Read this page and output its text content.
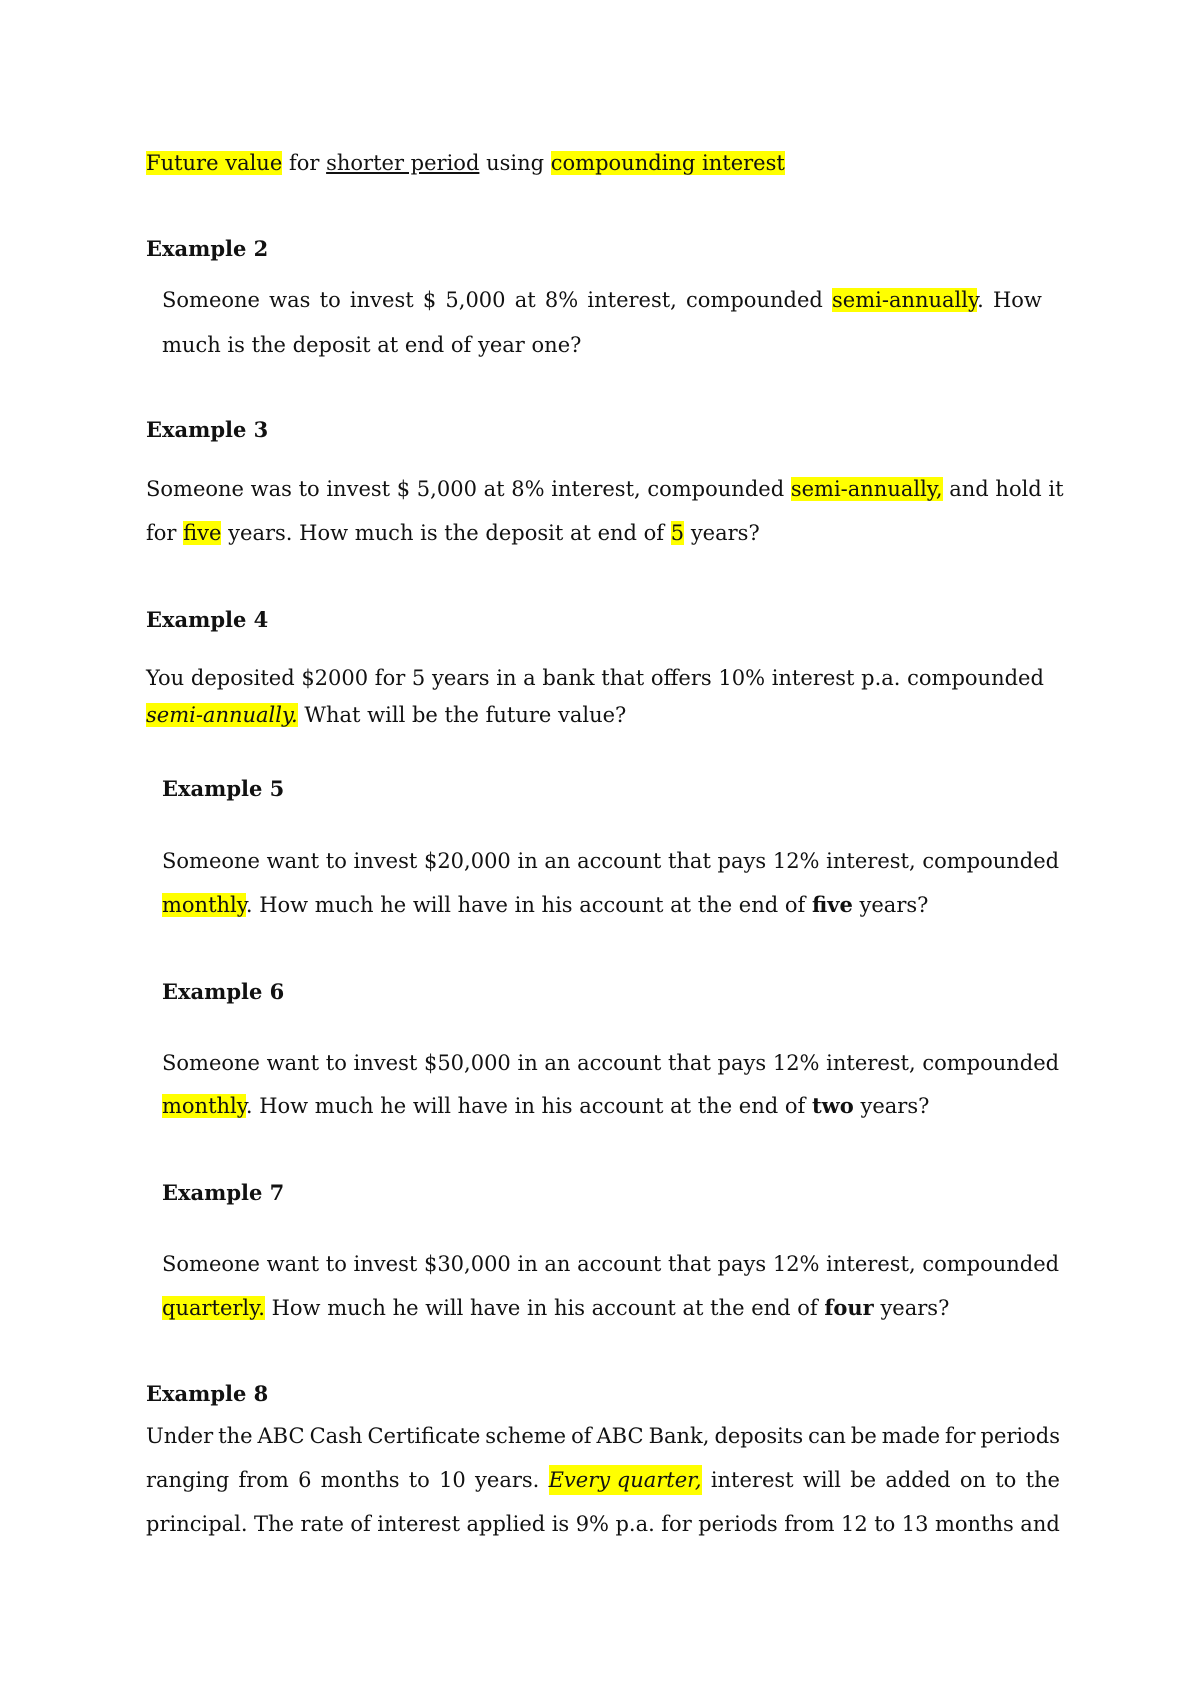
Future value for shorter period using compounding interest
Example 2
Someone was to invest $ 5,000 at 8% interest, compounded semi-annually. How
much is the deposit at end of year one?
Example 3
Someone was to invest $ 5,000 at 8% interest, compounded semi-annually, and hold it
for five years. How much is the deposit at end of 5 years?
Example 4
You deposited $2000 for 5 years in a bank that offers 10% interest p.a. compounded
semi-annually. What will be the future value?
Example 5
Someone want to invest $20,000 in an account that pays 12% interest, compounded
monthly. How much he will have in his account at the end of five years?
Example 6
Someone want to invest $50,000 in an account that pays 12% interest, compounded
monthly. How much he will have in his account at the end of two years?
Example 7
Someone want to invest $30,000 in an account that pays 12% interest, compounded
quarterly. How much he will have in his account at the end of four years?
Example 8
Under the ABC Cash Certificate scheme of ABC Bank, deposits can be made for periods
ranging from 6 months to 10 years. Every quarter, interest will be added on to the
principal. The rate of interest applied is 9% p.a. for periods from 12 to 13 months and
